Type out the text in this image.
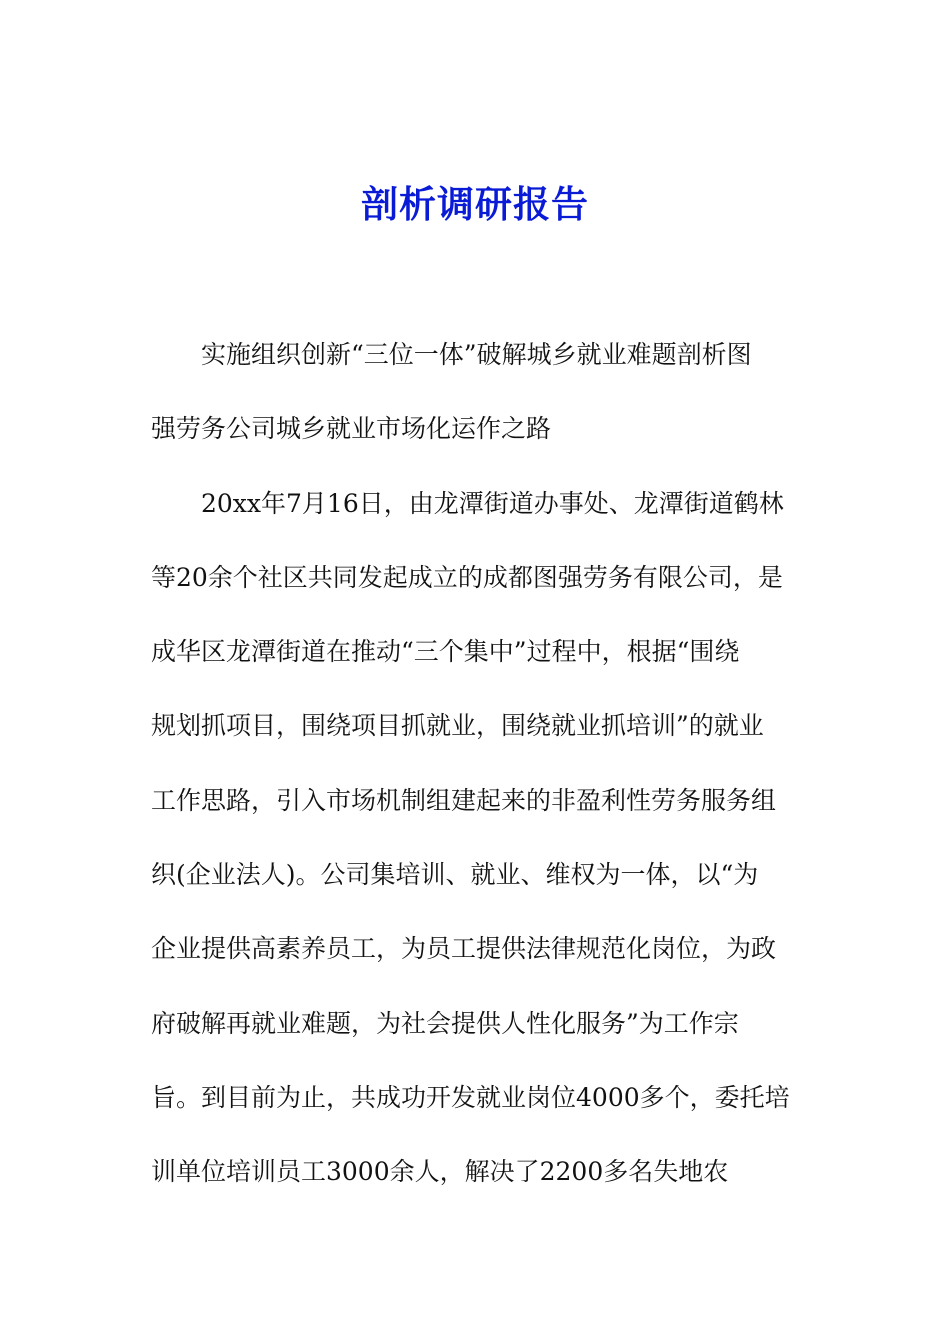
剖析调研报告
实施组织创新“三位一体”破解城乡就业难题剖析图
强劳务公司城乡就业市场化运作之路
20xx年7月16日，由龙潭街道办事处、龙潭街道鹤林
等20余个社区共同发起成立的成都图强劳务有限公司，是
成华区龙潭街道在推动“三个集中”过程中，根据“围绕
规划抓项目，围绕项目抓就业，围绕就业抓培训”的就业
工作思路，引入市场机制组建起来的非盈利性劳务服务组
织(企业法人)。公司集培训、就业、维权为一体，以“为
企业提供高素养员工，为员工提供法律规范化岗位，为政
府破解再就业难题，为社会提供人性化服务”为工作宗
旨。到目前为止，共成功开发就业岗位4000多个，委托培
训单位培训员工3000余人，解决了2200多名失地农
